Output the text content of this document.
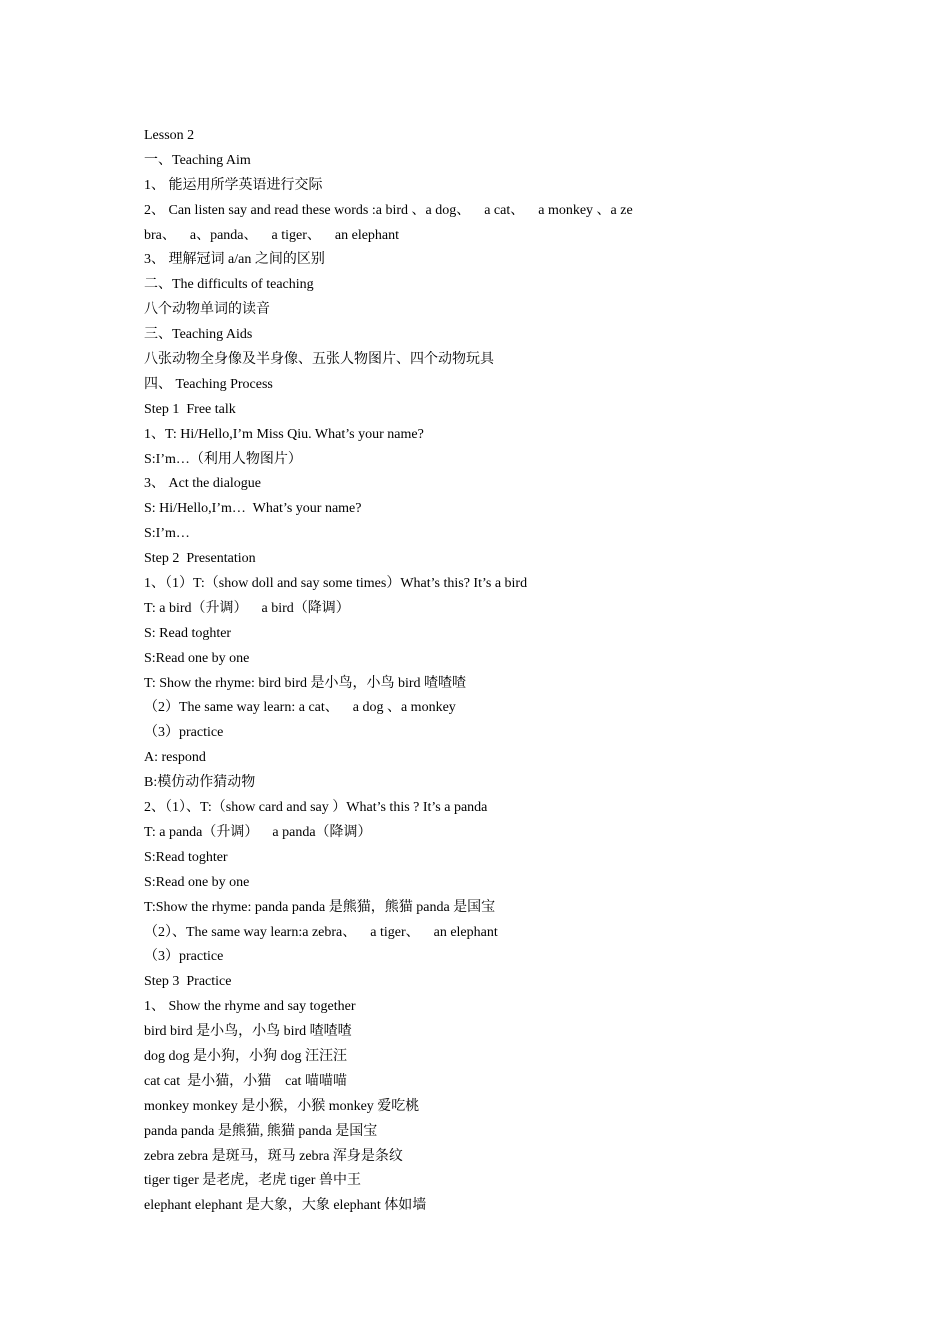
Lesson 2
一、Teaching Aim
1、 能运用所学英语进行交际
2、 Can listen say and read these words :a bird 、a dog、    a cat、    a monkey 、a ze
bra、    a、panda、    a tiger、    an elephant
3、 理解冠词 a/an 之间的区别
二、The difficults of teaching
八个动物单词的读音
三、Teaching Aids
八张动物全身像及半身像、五张人物图片、四个动物玩具
四、 Teaching Process
Step 1  Free talk
1、T: Hi/Hello,I’m Miss Qiu. What’s your name?
S:I’m…（利用人物图片）
3、 Act the dialogue
S: Hi/Hello,I’m…  What’s your name?
S:I’m…
Step 2  Presentation
1、（1）T:（show doll and say some times）What’s this? It’s a bird
T: a bird（升调）    a bird（降调）
S: Read toghter
S:Read one by one
T: Show the rhyme: bird bird 是小鸟，小鸟 bird 喳喳喳
（2）The same way learn: a cat、    a dog 、a monkey
（3）practice
A: respond
B:模仿动作猜动物
2、（1）、T:（show card and say ）What’s this ? It’s a panda
T: a panda（升调）    a panda（降调）
S:Read toghter
S:Read one by one
T:Show the rhyme: panda panda 是熊猫，熊猫 panda 是国宝
（2）、The same way learn:a zebra、    a tiger、    an elephant
（3）practice
Step 3  Practice
1、 Show the rhyme and say together
bird bird 是小鸟，小鸟 bird 喳喳喳
dog dog 是小狗，小狗 dog 汪汪汪
cat cat  是小猫，小猫    cat 喵喵喵
monkey monkey 是小猴，小猴 monkey 爱吃桃
panda panda 是熊猫, 熊猫 panda 是国宝
zebra zebra 是斑马，斑马 zebra 浑身是条纹
tiger tiger 是老虎，老虎 tiger 兽中王
elephant elephant 是大象，大象 elephant 体如墙
